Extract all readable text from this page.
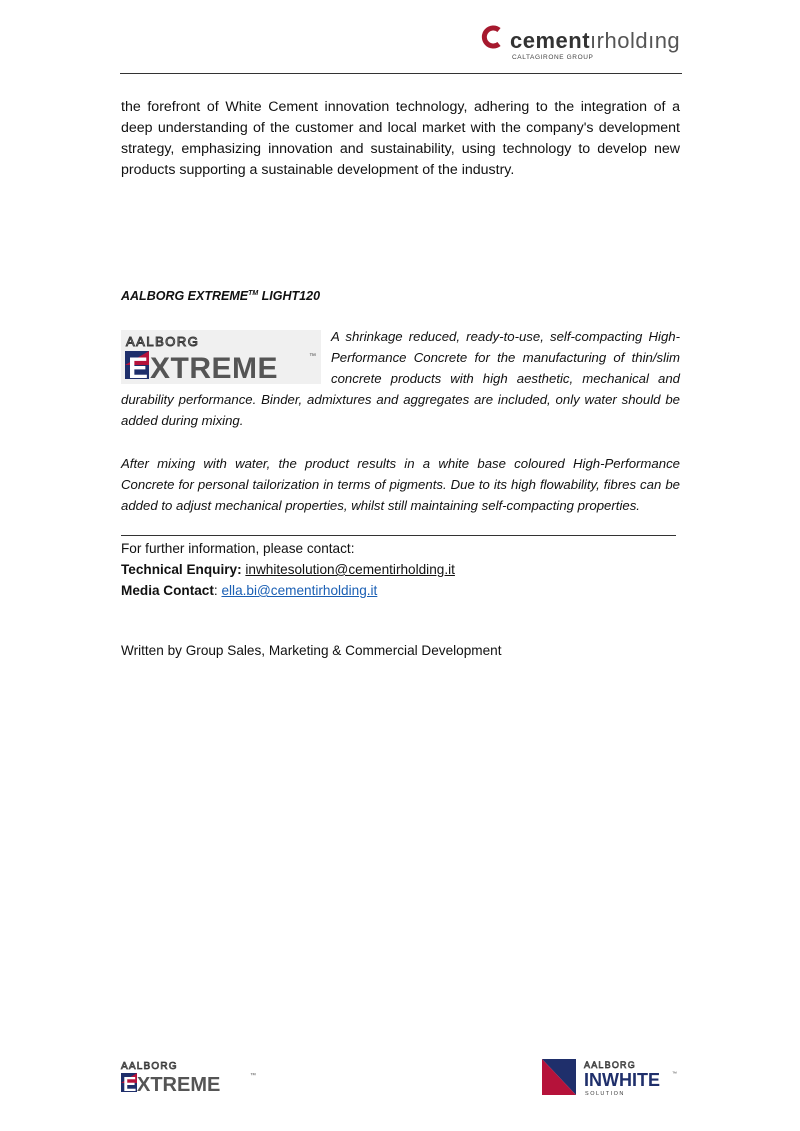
cementırholdıng
CALTAGIRONE GROUP

the forefront of White Cement innovation technology, adhering to the integration of a deep understanding of the customer and local market with the company's development strategy, emphasizing innovation and sustainability, using technology to develop new products supporting a sustainable development of the industry.

AALBORG EXTREME™ LIGHT120

A shrinkage reduced, ready-to-use, self-compacting High-Performance Concrete for the manufacturing of thin/slim concrete products with high aesthetic, mechanical and durability performance. Binder, admixtures and aggregates are included, only water should be added during mixing.
AALBORG
E XTREME	™

After mixing with water, the product results in a white base coloured High-Performance Concrete for personal tailorization in terms of pigments. Due to its high flowability, fibres can be added to adjust mechanical properties, whilst still maintaining self-compacting properties.

For further information, please contact:
Technical Enquiry: inwhitesolution@cementirholding.it
Media Contact: ella.bi@cementirholding.it
Written by Group Sales, Marketing & Commercial Development
AALBORG
E XTREME	™
AALBORG
INWHITE ™
S O L U T I O N
